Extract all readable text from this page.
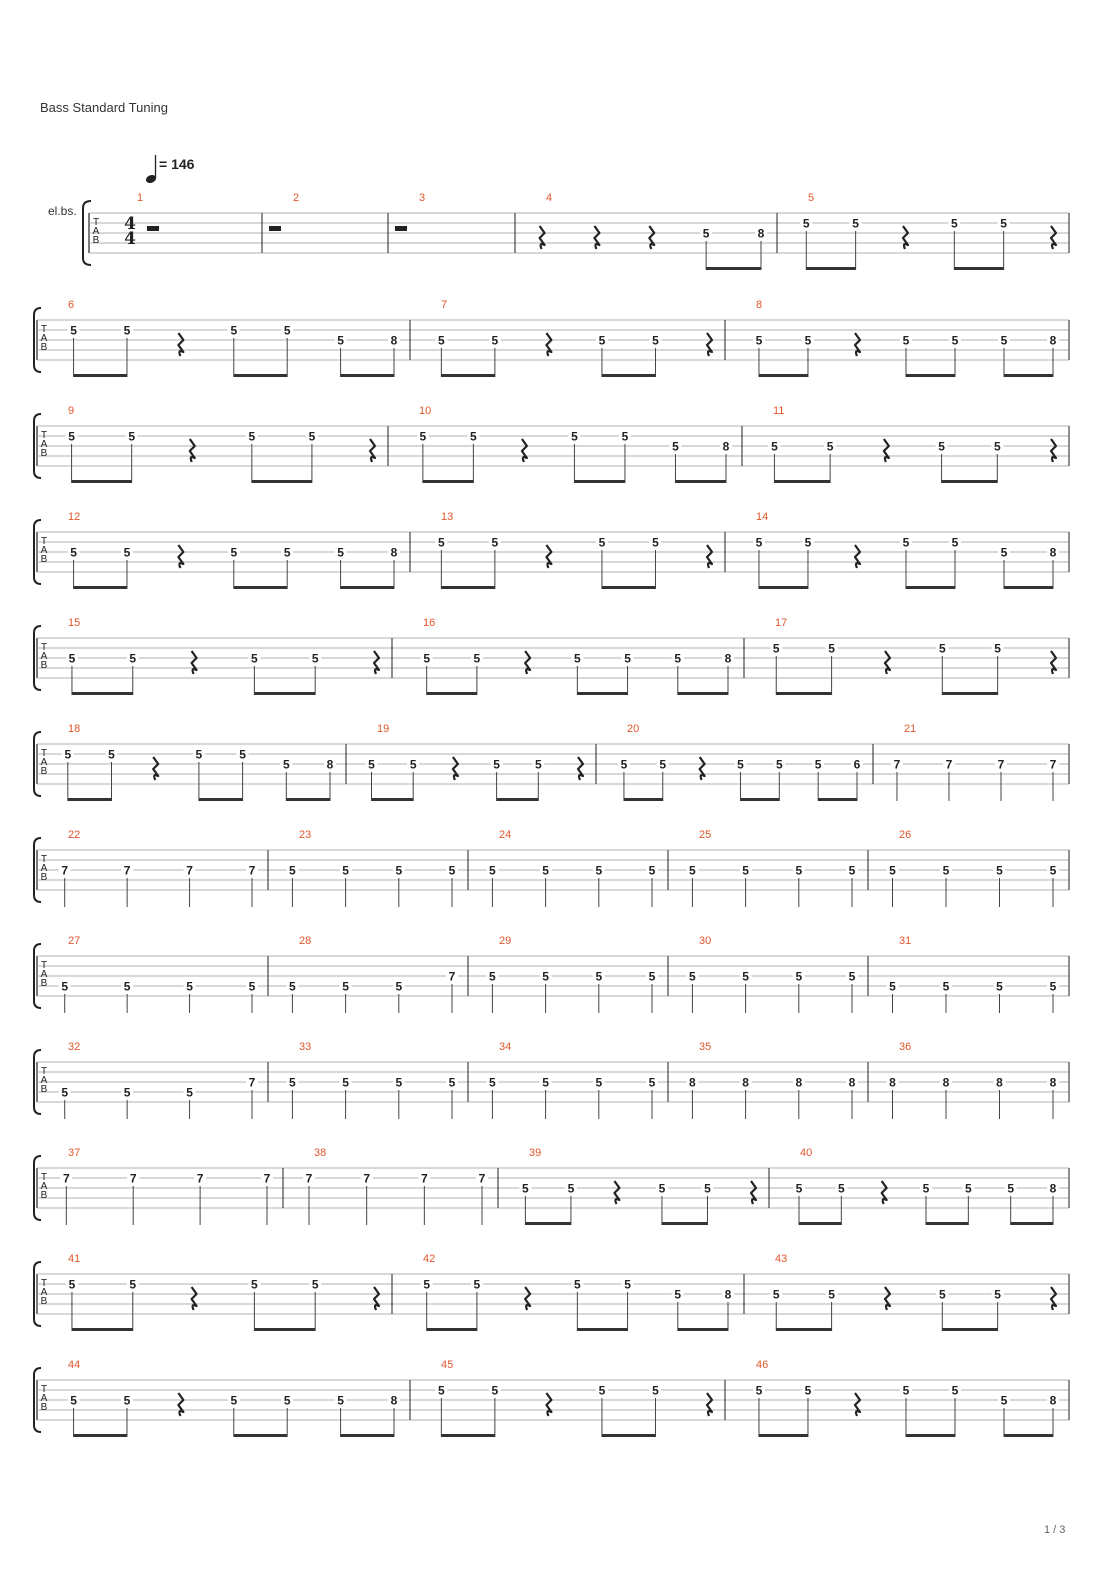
Bass Standard Tuning
= 146
el.bs.
T
A
B
4
4
1	2	3	4
5	8
5
5	5	5	5
T
A
B
6
5	5	5	5
5	8
7
5	5	5	5
8
5	5	5	5	5	8
T
A
B
9
5	5	5	5
10
5	5	5	5
5	8
11
5	5	5	5
T
A
B
12
5	5	5	5	5	8
13
5	5	5	5
14
5	5	5	5
5	8
T
A
B
15
5	5	5	5
16
5	5	5	5	5	8
17
5	5	5	5
T
A
B
18
5	5	5	5
5	8
19
5	5	5	5
20
5	5	5	5	5	6
21
7	7	7	7
T
A
B
22
7	7	7	7
23
5	5	5	5
24
5	5	5	5
25
5	5	5	5
26
5	5	5	5
T
A
B
27
5	5	5	5
28
5	5	5
7
29
5	5	5	5
30
5	5	5	5
31
5	5	5	5
T
A
B
32
5	5	5
7
33
5	5	5	5
34
5	5	5	5
35
8	8	8	8
36
8	8	8	8
T
A
B
37
7	7	7	7
38
7	7	7	7
39
5	5	5	5
40
5	5	5	5	5	8
T
A
B
41
5	5	5	5
42
5	5	5	5
5	8
43
5	5	5	5
T
A
B
44
5	5	5	5	5	8
45
5	5	5	5
46
5	5	5	5
5	8
1 / 3
